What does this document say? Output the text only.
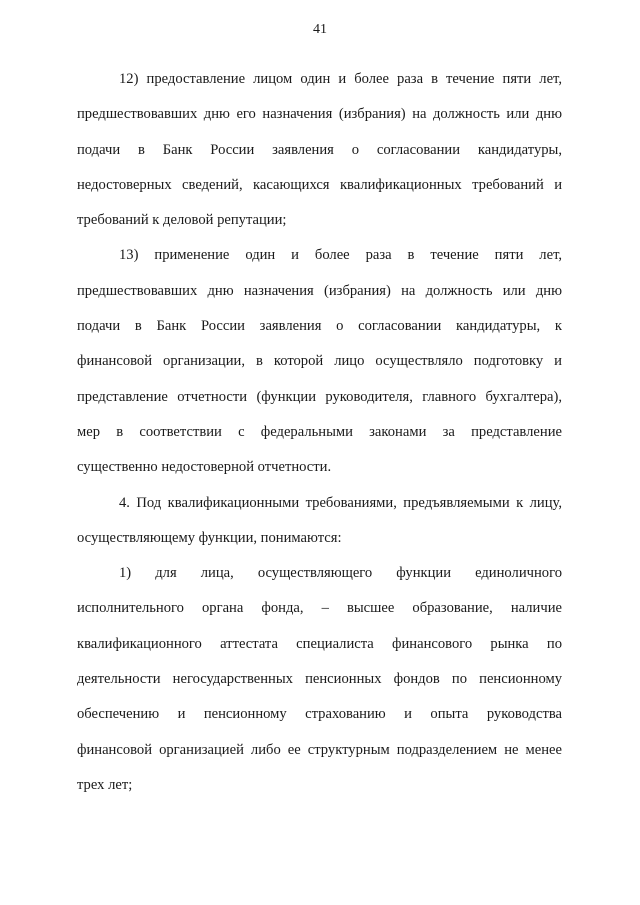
41
12) предоставление лицом один и более раза в течение пяти лет,
предшествовавших дню его назначения (избрания) на должность или дню
подачи в Банк России заявления о согласовании кандидатуры,
недостоверных сведений, касающихся квалификационных требований и
требований к деловой репутации;
13) применение один и более раза в течение пяти лет,
предшествовавших дню назначения (избрания) на должность или дню
подачи в Банк России заявления о согласовании кандидатуры, к
финансовой организации, в которой лицо осуществляло подготовку и
представление отчетности (функции руководителя, главного бухгалтера),
мер в соответствии с федеральными законами за представление
существенно недостоверной отчетности.
4. Под квалификационными требованиями, предъявляемыми к лицу,
осуществляющему функции, понимаются:
1) для лица, осуществляющего функции единоличного
исполнительного органа фонда, – высшее образование, наличие
квалификационного аттестата специалиста финансового рынка по
деятельности негосударственных пенсионных фондов по пенсионному
обеспечению и пенсионному страхованию и опыта руководства
финансовой организацией либо ее структурным подразделением не менее
трех лет;
